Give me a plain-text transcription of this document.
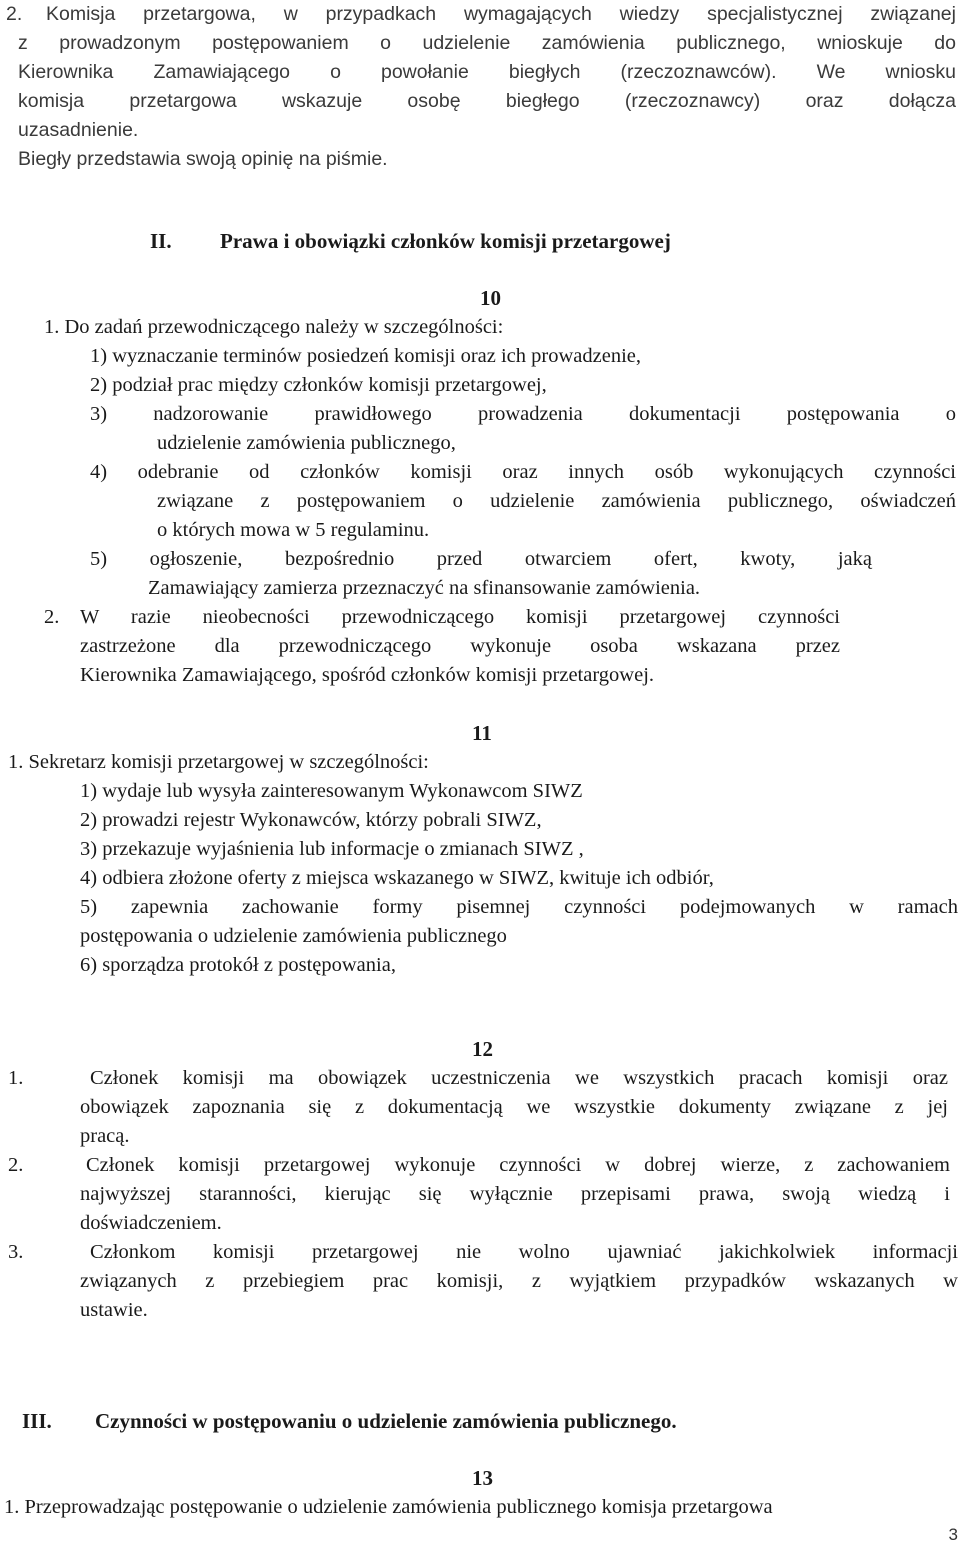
2. Komisja przetargowa, w przypadkach wymagających wiedzy specjalistycznej związanej
z prowadzonym postępowaniem o udzielenie zamówienia publicznego, wnioskuje do
Kierownika Zamawiającego o powołanie biegłych (rzeczoznawców). We wniosku
komisja przetargowa wskazuje osobę biegłego (rzeczoznawcy) oraz dołącza
uzasadnienie.
Biegły przedstawia swoją opinię na piśmie.
II. Prawa i obowiązki członków komisji przetargowej
10
1. Do zadań przewodniczącego należy w szczególności:
1) wyznaczanie terminów posiedzeń komisji oraz ich prowadzenie,
2) podział prac między członków komisji przetargowej,
3) nadzorowanie prawidłowego prowadzenia dokumentacji postępowania o
udzielenie zamówienia publicznego,
4) odebranie od członków komisji oraz innych osób wykonujących czynności
związane z postępowaniem o udzielenie zamówienia publicznego, oświadczeń
o których mowa w 5 regulaminu.
5) ogłoszenie, bezpośrednio przed otwarciem ofert, kwoty, jaką
Zamawiający zamierza przeznaczyć na sfinansowanie zamówienia.
2. W razie nieobecności przewodniczącego komisji przetargowej czynności
zastrzeżone dla przewodniczącego wykonuje osoba wskazana przez
Kierownika Zamawiającego, spośród członków komisji przetargowej.
11
1. Sekretarz komisji przetargowej w szczególności:
1) wydaje lub wysyła zainteresowanym Wykonawcom SIWZ
2) prowadzi rejestr Wykonawców, którzy pobrali SIWZ,
3) przekazuje wyjaśnienia lub informacje o zmianach SIWZ ,
4) odbiera złożone oferty z miejsca wskazanego w SIWZ, kwituje ich odbiór,
5) zapewnia zachowanie formy pisemnej czynności podejmowanych w ramach
postępowania o udzielenie zamówienia publicznego
6) sporządza protokół z postępowania,
12
1.	Członek komisji ma obowiązek uczestniczenia we wszystkich pracach komisji oraz
obowiązek zapoznania się z dokumentacją we wszystkie dokumenty związane z jej
pracą.
2.	Członek komisji przetargowej wykonuje czynności w dobrej wierze, z zachowaniem
najwyższej staranności, kierując się wyłącznie przepisami prawa, swoją wiedzą i
doświadczeniem.
3.	Członkom komisji przetargowej nie wolno ujawniać jakichkolwiek informacji
związanych z przebiegiem prac komisji, z wyjątkiem przypadków wskazanych w
ustawie.
III. Czynności w postępowaniu o udzielenie zamówienia publicznego.
13
1. Przeprowadzając postępowanie o udzielenie zamówienia publicznego komisja przetargowa
3
